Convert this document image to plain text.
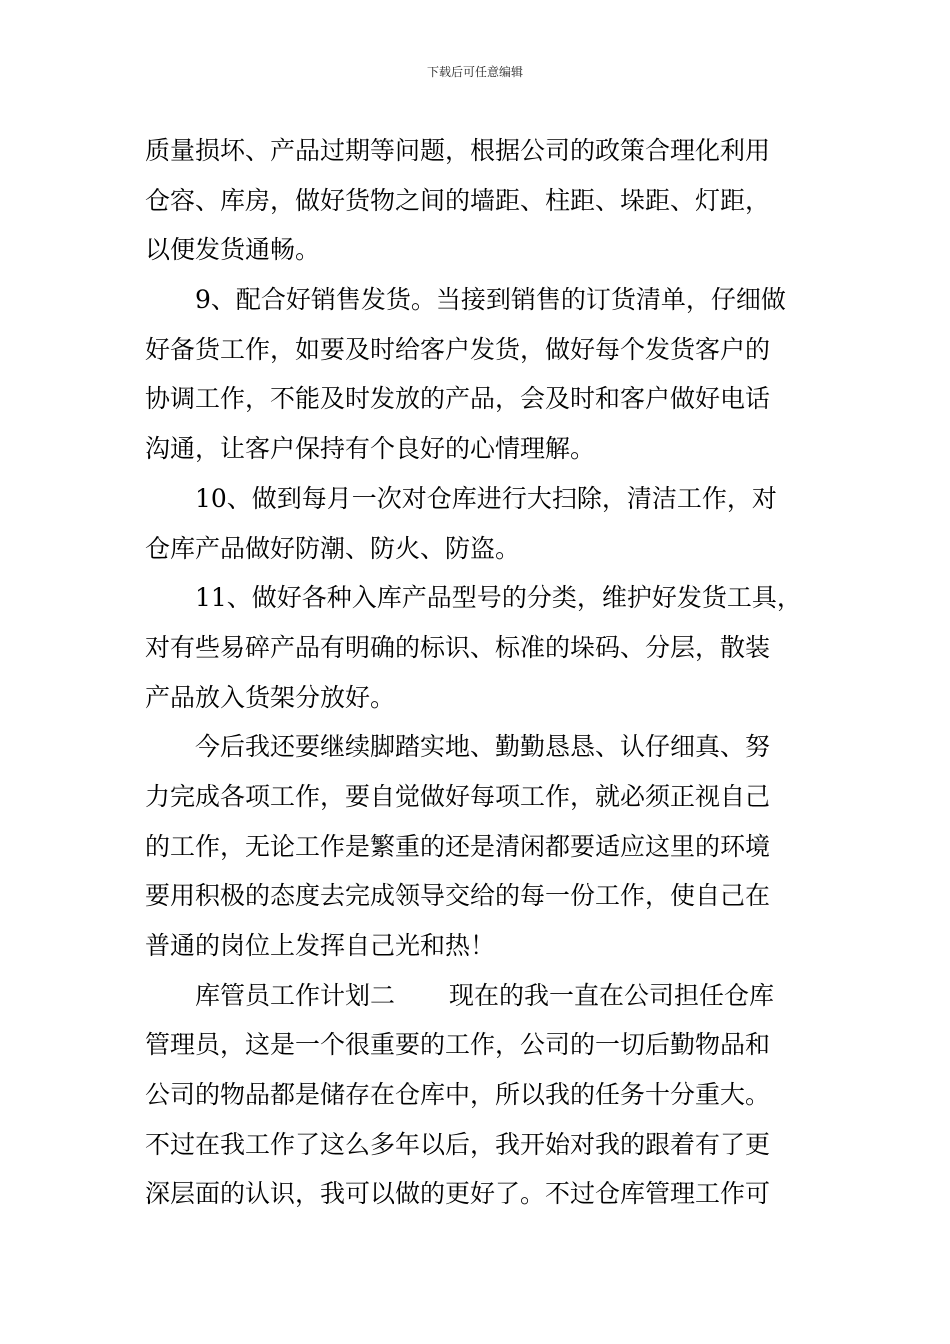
下载后可任意编辑
质量损坏、产品过期等问题，根据公司的政策合理化利用
仓容、库房，做好货物之间的墙距、柱距、垛距、灯距，
以便发货通畅。
9、配合好销售发货。当接到销售的订货清单，仔细做
好备货工作，如要及时给客户发货，做好每个发货客户的
协调工作，不能及时发放的产品，会及时和客户做好电话
沟通，让客户保持有个良好的心情理解。
10、做到每月一次对仓库进行大扫除，清洁工作，对
仓库产品做好防潮、防火、防盗。
11、做好各种入库产品型号的分类，维护好发货工具，
对有些易碎产品有明确的标识、标准的垛码、分层，散装
产品放入货架分放好。
今后我还要继续脚踏实地、勤勤恳恳、认仔细真、努
力完成各项工作，要自觉做好每项工作，就必须正视自己
的工作，无论工作是繁重的还是清闲都要适应这里的环境
要用积极的态度去完成领导交给的每一份工作，使自己在
普通的岗位上发挥自己光和热！
库管员工作计划二 现在的我一直在公司担任仓库
管理员，这是一个很重要的工作，公司的一切后勤物品和
公司的物品都是储存在仓库中，所以我的任务十分重大。
不过在我工作了这么多年以后，我开始对我的跟着有了更
深层面的认识，我可以做的更好了。不过仓库管理工作可
